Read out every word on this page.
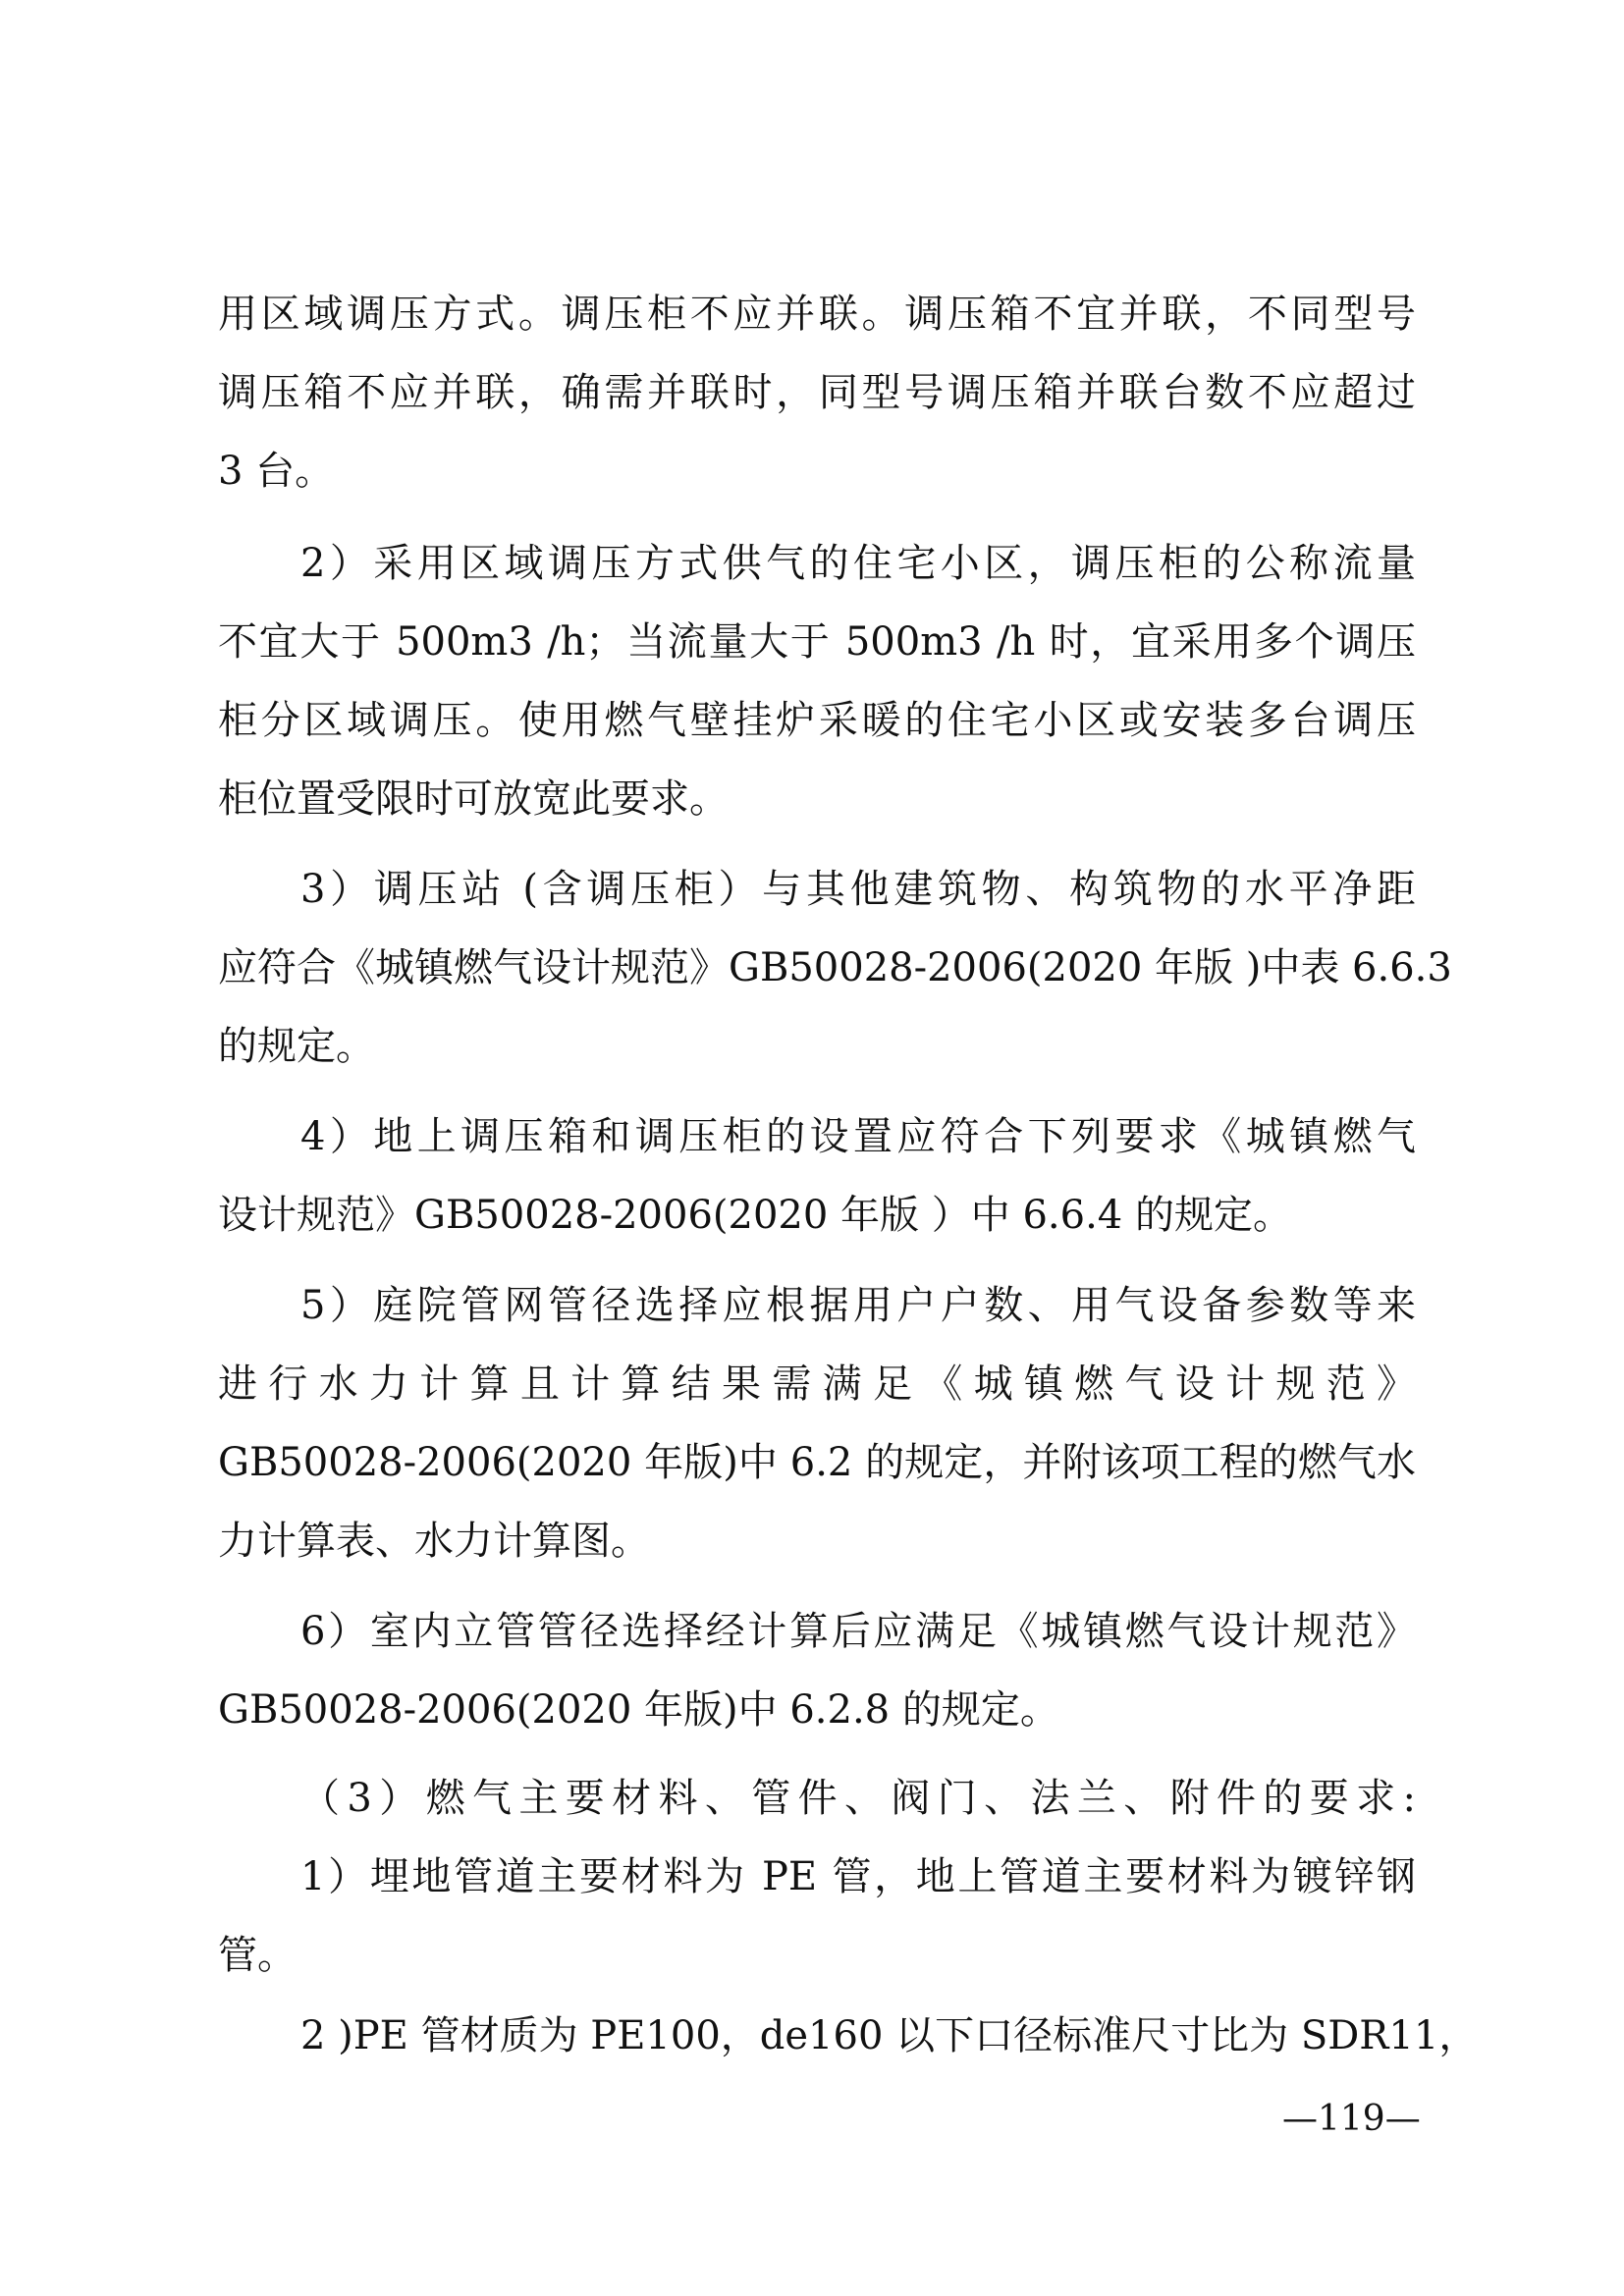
用区域调压方式。调压柜不应并联。调压箱不宜并联，不同型号
调压箱不应并联，确需并联时，同型号调压箱并联台数不应超过
3 台。
2）采用区域调压方式供气的住宅小区，调压柜的公称流量
不宜大于 500m3 /h；当流量大于 500m3 /h 时，宜采用多个调压
柜分区域调压。使用燃气壁挂炉采暖的住宅小区或安装多台调压
柜位置受限时可放宽此要求。
3）调压站 (含调压柜）与其他建筑物、构筑物的水平净距
应符合《城镇燃气设计规范》GB50028-2006(2020 年版 )中表 6.6.3
的规定。
4）地上调压箱和调压柜的设置应符合下列要求《城镇燃气
设计规范》GB50028-2006(2020 年版 ）中 6.6.4 的规定。
5）庭院管网管径选择应根据用户户数、用气设备参数等来
进行水力计算且计算结果需满足《城镇燃气设计规范》
GB50028-2006(2020 年版)中 6.2 的规定，并附该项工程的燃气水
力计算表、水力计算图。
6）室内立管管径选择经计算后应满足《城镇燃气设计规范》
GB50028-2006(2020 年版)中 6.2.8 的规定。
（3）燃气主要材料、管件、阀门、法兰、附件的要求:
1）埋地管道主要材料为 PE 管，地上管道主要材料为镀锌钢
管。
2 )PE 管材质为 PE100，de160 以下口径标准尺寸比为 SDR11，
—119—
